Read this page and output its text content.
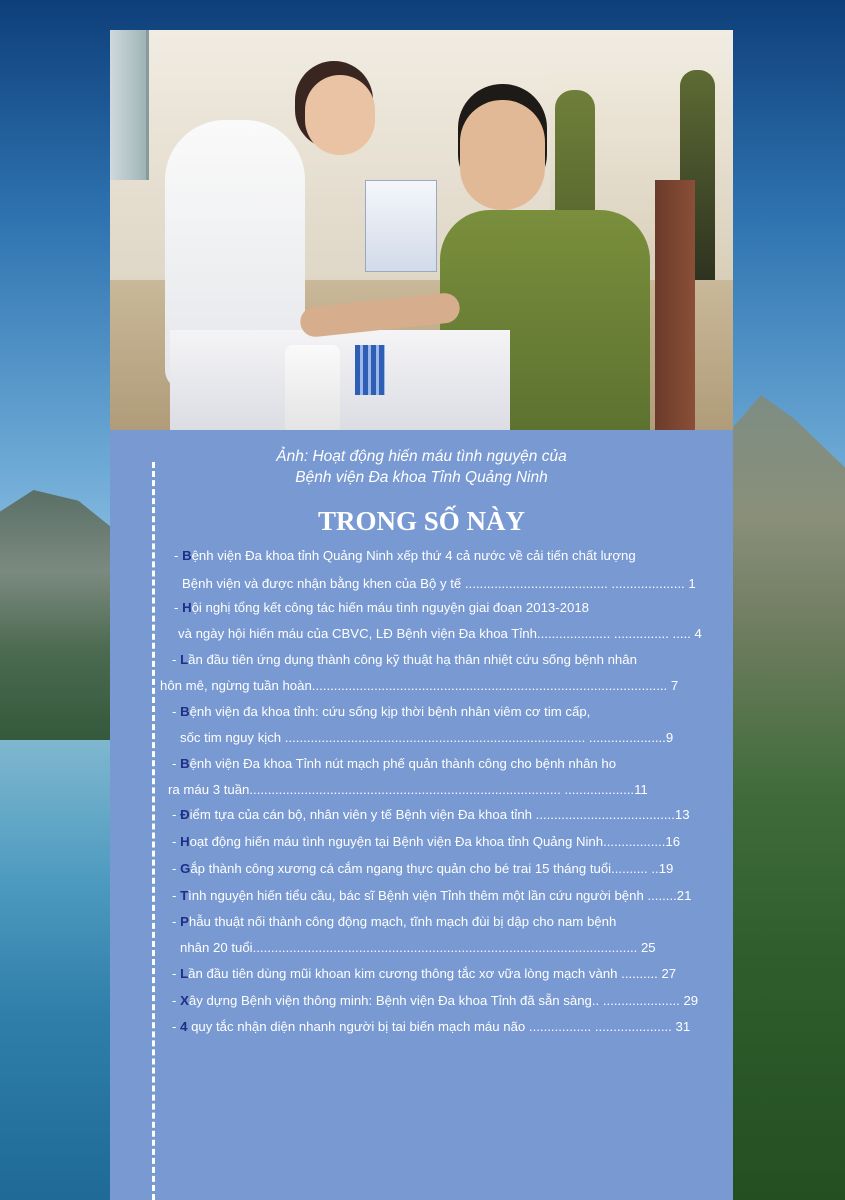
Ảnh: Hoạt động hiến máu tình nguyện của
Bệnh viện Đa khoa Tỉnh Quảng Ninh
TRONG SỐ NÀY
- Bệnh viện Đa khoa tỉnh Quảng Ninh xếp thứ 4 cả nước về cải tiến chất lượng
Bệnh viện và được nhận bằng khen của Bộ y tế ....................................... .................... 1
- Hội nghị tổng kết công tác hiến máu tình nguyện giai đoạn 2013-2018
và ngày hội hiến máu của CBVC, LĐ Bệnh viện Đa khoa Tỉnh.................... ............... ..... 4
- Lần đầu tiên ứng dụng thành công kỹ thuật hạ thân nhiệt cứu sống bệnh nhân
hôn mê, ngừng tuần hoàn................................................................................................. 7
- Bệnh viện đa khoa tỉnh: cứu sống kịp thời bệnh nhân viêm cơ tim cấp,
sốc tim nguy kịch .................................................................................. .....................9
- Bệnh viện Đa khoa Tỉnh nút mạch phế quản thành công cho bệnh nhân ho
ra máu 3 tuần..................................................................................... ...................11
- Điểm tựa của cán bộ, nhân viên y tế Bệnh viện Đa khoa tỉnh ......................................13
- Hoạt động hiến máu tình nguyện tại Bệnh viện Đa khoa tỉnh Quảng Ninh.................16
- Gắp thành công xương cá cắm ngang thực quản cho bé trai 15 tháng tuổi.......... ..19
- Tình nguyện hiến tiểu cầu, bác sĩ Bệnh viện Tỉnh thêm một lần cứu người bệnh ........21
- Phẫu thuật nối thành công động mạch, tĩnh mạch đùi bị dập cho nam bệnh
nhân 20 tuổi......................................................................................................... 25
- Lần đầu tiên dùng mũi khoan kim cương thông tắc xơ vữa lòng mạch vành .......... 27
- Xây dựng Bệnh viện thông minh: Bệnh viện Đa khoa Tỉnh đã sẵn sàng.. ..................... 29
- 4 quy tắc nhận diện nhanh người bị tai biến mạch máu não ................. ..................... 31
